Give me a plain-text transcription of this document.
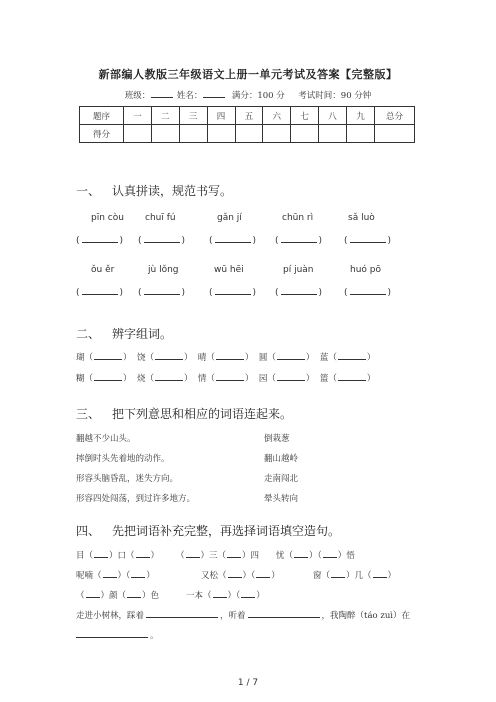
新部编人教版三年级语文上册一单元考试及答案【完整版】
班级：	姓名：	满分：100 分 考试时间：90 分钟
题序	一	二	三	四	五	六	七	八	九	总分
得分										
一、 认真拼读，规范书写。
pīn còu chuī fú	gǎn jí	chūn rì	sǎ luò
(	) (	)	(	) (	) (	)
ǒu ěr	jù lǒng	wū hēi	pí juàn	huó pō
(	) (	)	(	) (	) (	)
二、 辨字组词。
瑚（	） 饶（	） 晴（	） 圆（	） 蓝（	）
糊（	） 烧（	） 情（	） 园（	） 篮（	）
三、 把下列意思和相应的词语连起来。
翻越不少山头。
摔倒时头先着地的动作。
形容头脑昏乱，迷失方向。
形容四处闯荡，到过许多地方。
倒栽葱
翻山越岭
走南闯北
晕头转向
四、 先把词语补充完整，再选择词语填空造句。
目（ ）口（ ） （ ）三（ ）四 忧（ ）（ ）悟
呢喃（ ）（ ）	又松（ ）（ ）	窗（ ）几（ ）
（ ）颜（ ）色	一本（ ）（ ）
走进小树林，踩着	，听着	，我陶醉（táo zuì）在
。
1 / 7
